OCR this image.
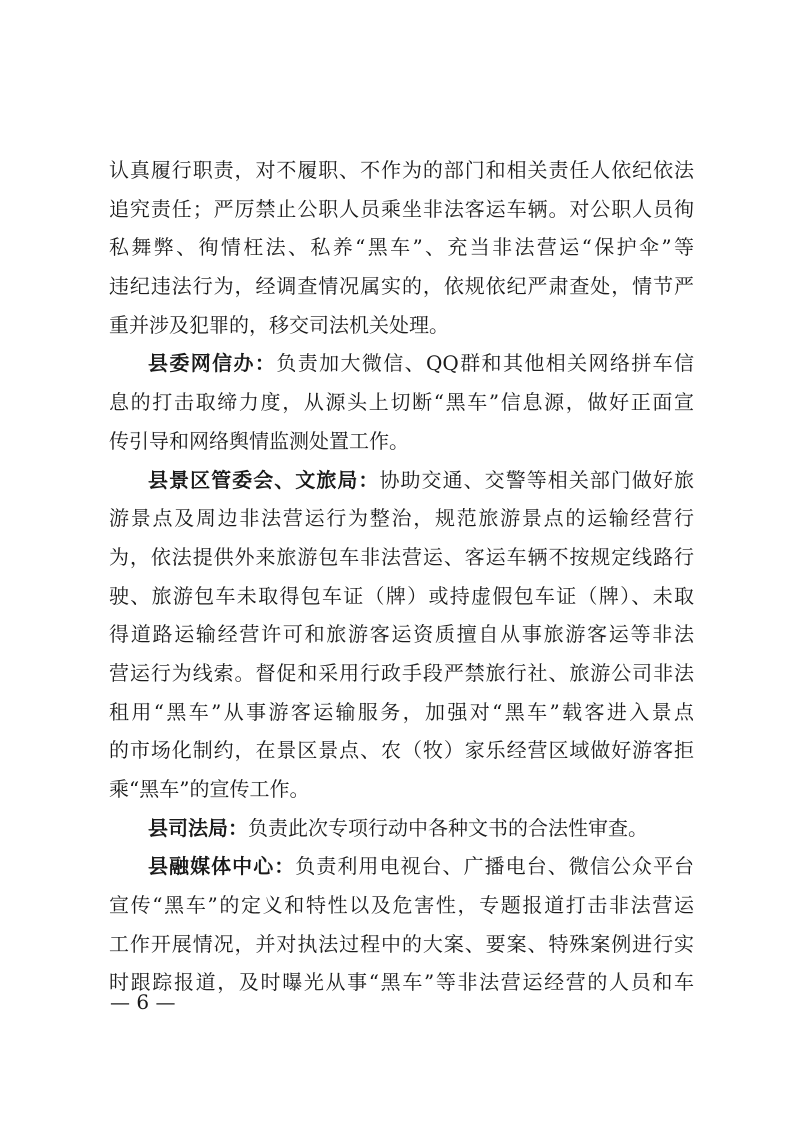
认真履行职责，对不履职、不作为的部门和相关责任人依纪依法
追究责任；严厉禁止公职人员乘坐非法客运车辆。对公职人员徇
私舞弊、徇情枉法、私养“黑车”、充当非法营运“保护伞”等
违纪违法行为，经调查情况属实的，依规依纪严肃查处，情节严
重并涉及犯罪的，移交司法机关处理。
县委网信办：负责加大微信、QQ群和其他相关网络拼车信
息的打击取缔力度，从源头上切断“黑车”信息源，做好正面宣
传引导和网络舆情监测处置工作。
县景区管委会、文旅局：协助交通、交警等相关部门做好旅
游景点及周边非法营运行为整治，规范旅游景点的运输经营行
为，依法提供外来旅游包车非法营运、客运车辆不按规定线路行
驶、旅游包车未取得包车证（牌）或持虚假包车证（牌）、未取
得道路运输经营许可和旅游客运资质擅自从事旅游客运等非法
营运行为线索。督促和采用行政手段严禁旅行社、旅游公司非法
租用“黑车”从事游客运输服务，加强对“黑车”载客进入景点
的市场化制约，在景区景点、农（牧）家乐经营区域做好游客拒
乘“黑车”的宣传工作。
县司法局：负责此次专项行动中各种文书的合法性审查。
县融媒体中心：负责利用电视台、广播电台、微信公众平台
宣传“黑车”的定义和特性以及危害性，专题报道打击非法营运
工作开展情况，并对执法过程中的大案、要案、特殊案例进行实
时跟踪报道，及时曝光从事“黑车”等非法营运经营的人员和车
— 6 —
